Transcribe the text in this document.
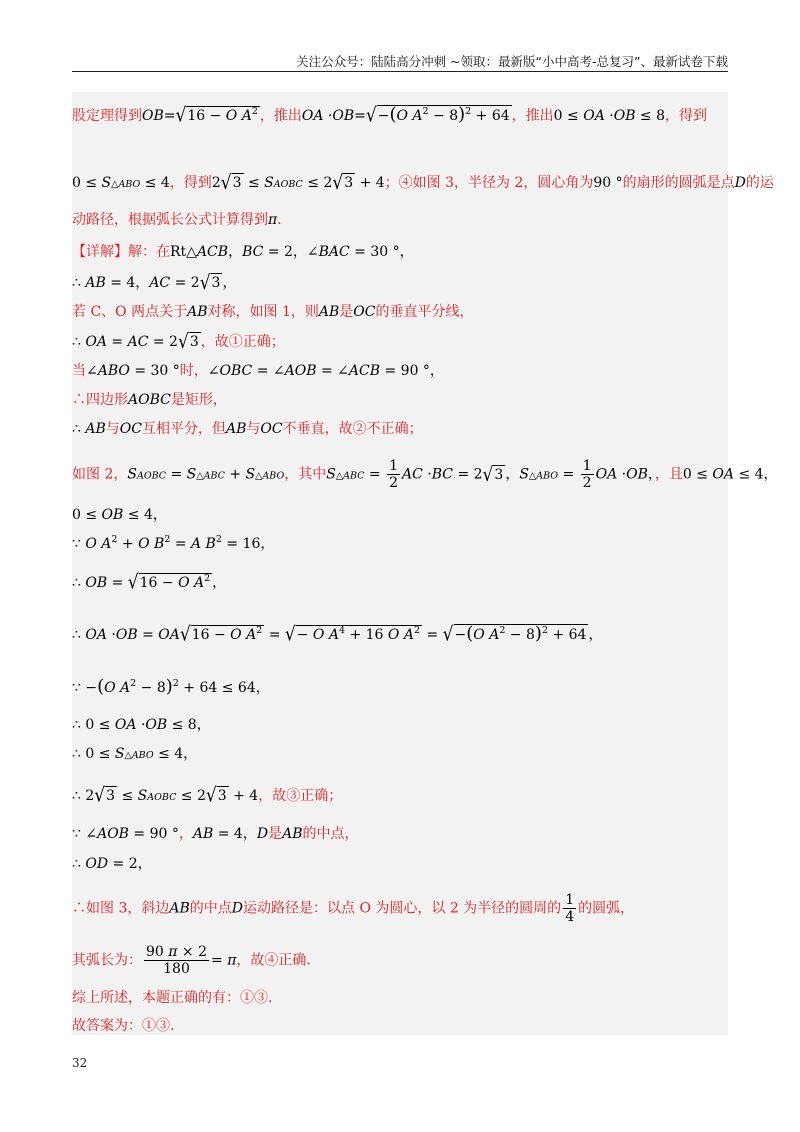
关注公众号：陆陆高分冲刺 ~领取：最新版“小中高考-总复习”、最新试卷下载
股定理得到OB=√16 − O $A^2$ ，推出OA ·OB=√−(O $A^2 - 8)^2 + 64$ ，推出0 ≤ OA ·OB ≤ 8，得到
0 ≤ S△ABO ≤ 4，得到2√3 ≤ SAOBC ≤ 2√3 + 4；④如图 3，半径为 2，圆心角为90 °的扇形的圆弧是点D的运
动路径，根据弧长公式计算得到π.
【详解】解：在Rt△ACB，BC = 2，∠BAC = 30 °，
∴ AB = 4，AC = 2√3 ，
若 C、O 两点关于AB对称，如图 1，则AB是OC的垂直平分线，
∴ OA = AC = 2√3 ，故①正确；
当∠ABO = 30 °时，∠OBC = ∠AOB = ∠ACB = 90 °，
∴四边形AOBC是矩形，
∴ AB与OC互相平分，但AB与OC不垂直，故②不正确；
如图 2，SAOBC = S△ABC + S△ABO，其中S△ABC = $\frac{1}{2}$ AC ·BC = 2√3 ，S△ABO = $\frac{1}{2}$ OA ·OB，，且0 ≤ OA ≤ 4，
0 ≤ OB ≤ 4，
∵ O $A^2 + O$ $B^2 = A$ $B^2 = 16$，
∴ OB = √16 − O $A^2$ ，
∴ OA ·OB = OA√16 − O $A^2$ = √− O $A^4 + 16$ O $A^2 = √-(O$ $A^2 - 8)^2 + 64$ ，
∵ −(O $A^2 - 8)^2 + 64 \le 64$，
∴ 0 ≤ OA ·OB ≤ 8，
∴ 0 ≤ S△ABO ≤ 4，
∴ 2√3 ≤ SAOBC ≤ 2√3 + 4，故③正确；
∵ ∠AOB = 90 °，AB = 4，D是AB的中点，
∴ OD = 2，
∴如图 3，斜边AB的中点D运动路径是：以点 O 为圆心，以 2 为半径的圆周的 $\frac{1}{4}$ 的圆弧，
其弧长为： $\frac{90 \pi \times 2}{180} = \pi$，故④正确.
综上所述，本题正确的有：①③.
故答案为：①③.
32
